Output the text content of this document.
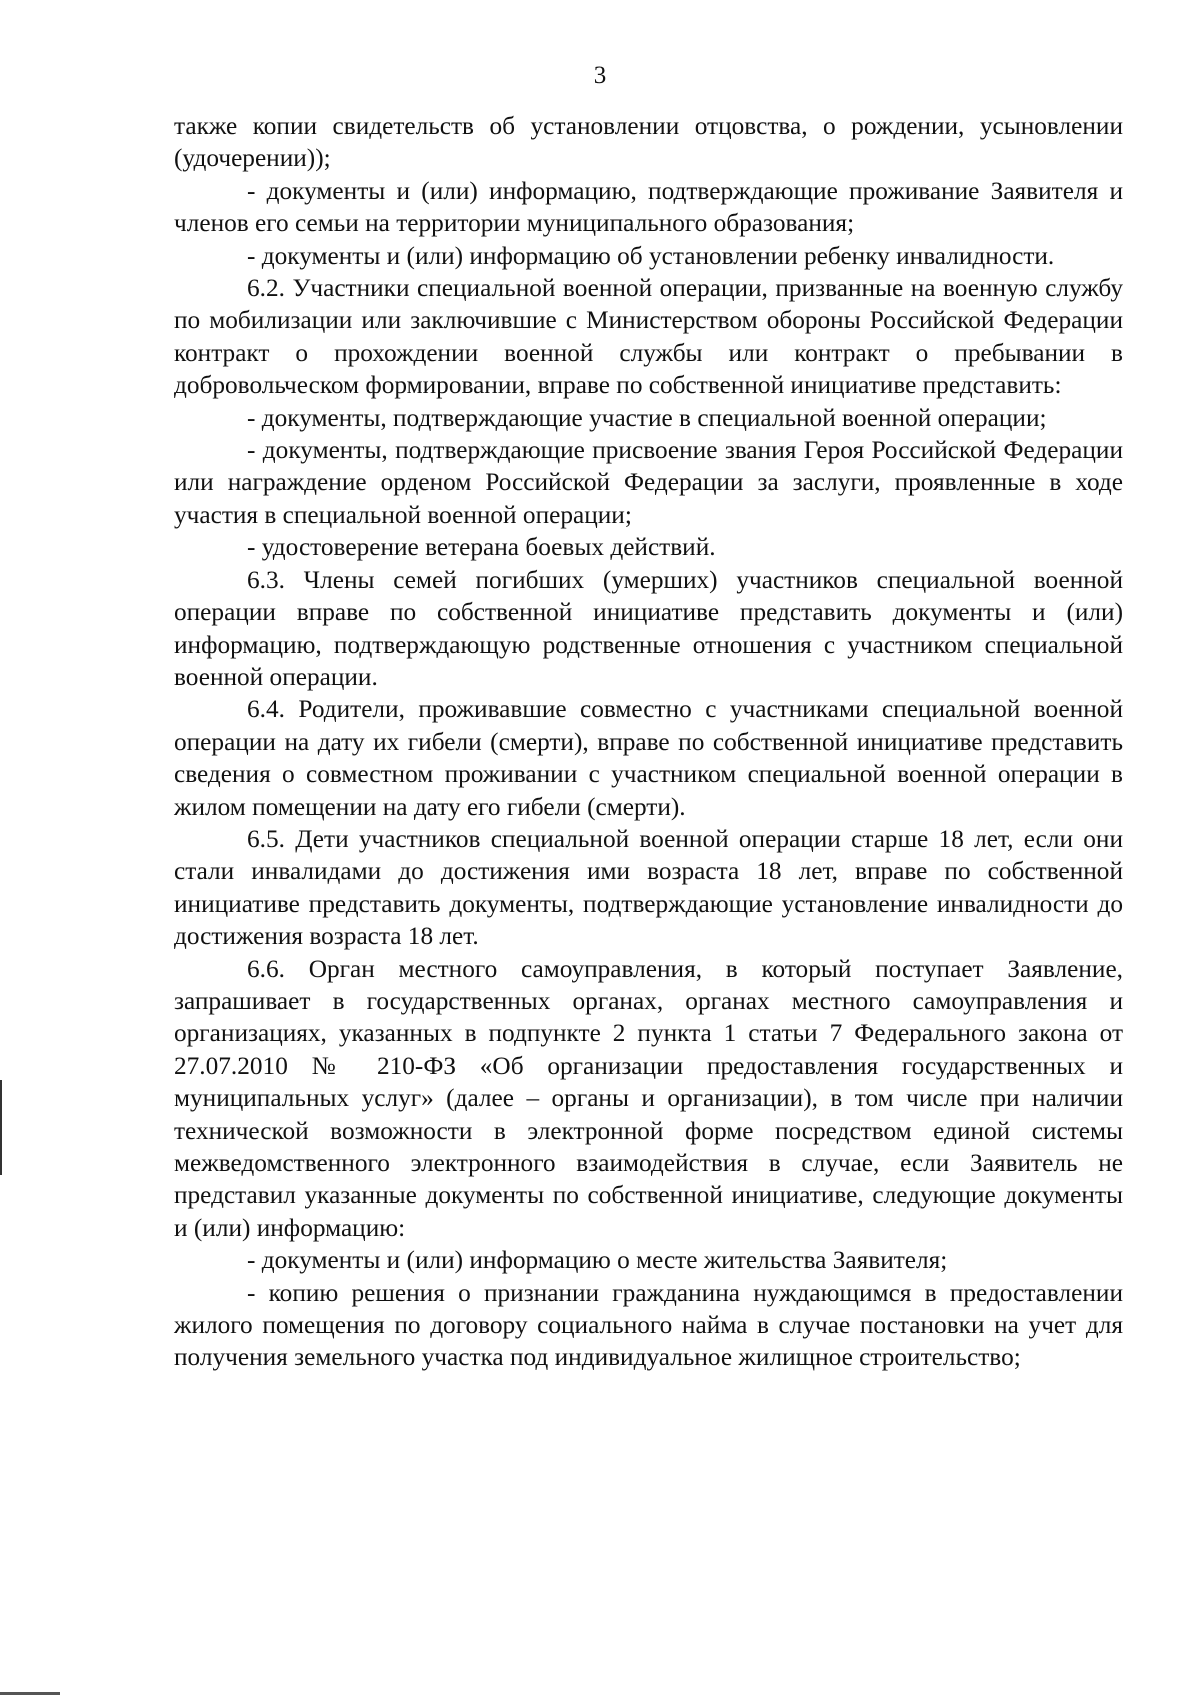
3

также копии свидетельств об установлении отцовства, о рождении, усыновлении (удочерении));

- документы и (или) информацию, подтверждающие проживание Заявителя и членов его семьи на территории муниципального образования;

- документы и (или) информацию об установлении ребенку инвалидности.

6.2. Участники специальной военной операции, призванные на военную службу по мобилизации или заключившие с Министерством обороны Российской Федерации контракт о прохождении военной службы или контракт о пребывании в добровольческом формировании, вправе по собственной инициативе представить:

- документы, подтверждающие участие в специальной военной операции;

- документы, подтверждающие присвоение звания Героя Российской Федерации или награждение орденом Российской Федерации за заслуги, проявленные в ходе участия в специальной военной операции;

- удостоверение ветерана боевых действий.

6.3. Члены семей погибших (умерших) участников специальной военной операции вправе по собственной инициативе представить документы и (или) информацию, подтверждающую родственные отношения с участником специальной военной операции.

6.4. Родители, проживавшие совместно с участниками специальной военной операции на дату их гибели (смерти), вправе по собственной инициативе представить сведения о совместном проживании с участником специальной военной операции в жилом помещении на дату его гибели (смерти).

6.5. Дети участников специальной военной операции старше 18 лет, если они стали инвалидами до достижения ими возраста 18 лет, вправе по собственной инициативе представить документы, подтверждающие установление инвалидности до достижения возраста 18 лет.

6.6. Орган местного самоуправления, в который поступает Заявление, запрашивает в государственных органах, органах местного самоуправления и организациях, указанных в подпункте 2 пункта 1 статьи 7 Федерального закона от 27.07.2010 № 210-ФЗ «Об организации предоставления государственных и муниципальных услуг» (далее – органы и организации), в том числе при наличии технической возможности в электронной форме посредством единой системы межведомственного электронного взаимодействия в случае, если Заявитель не представил указанные документы по собственной инициативе, следующие документы и (или) информацию:

- документы и (или) информацию о месте жительства Заявителя;

- копию решения о признании гражданина нуждающимся в предоставлении жилого помещения по договору социального найма в случае постановки на учет для получения земельного участка под индивидуальное жилищное строительство;
